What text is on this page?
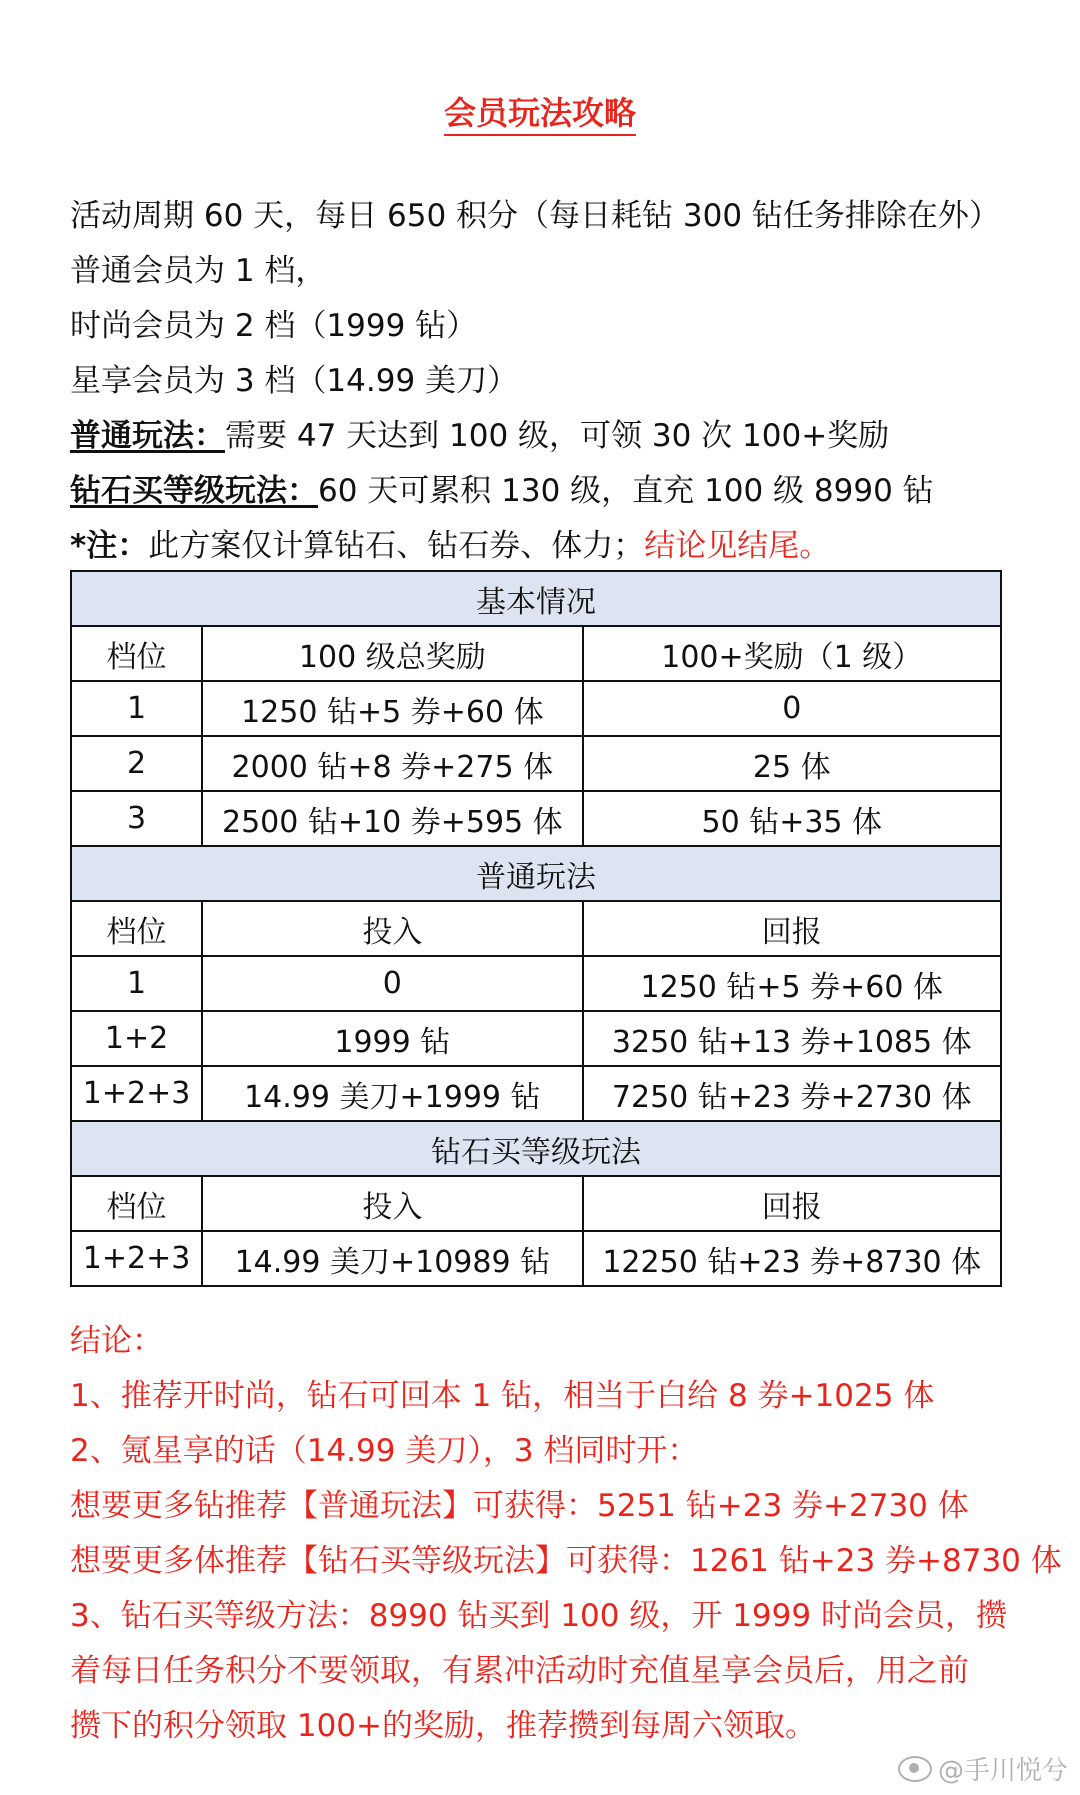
会员玩法攻略
活动周期 60 天，每日 650 积分（每日耗钻 300 钻任务排除在外）
普通会员为 1 档，
时尚会员为 2 档（1999 钻）
星享会员为 3 档（14.99 美刀）
普通玩法：需要 47 天达到 100 级，可领 30 次 100+奖励
钻石买等级玩法：60 天可累积 130 级，直充 100 级 8990 钻
*注：此方案仅计算钻石、钻石券、体力；结论见结尾。
基本情况		
档位	100 级总奖励	100+奖励（1 级）
1	1250 钻+5 券+60 体	0
2	2000 钻+8 券+275 体	25 体
3	2500 钻+10 券+595 体	50 钻+35 体
普通玩法		
档位	投入	回报
1	0	1250 钻+5 券+60 体
1+2	1999 钻	3250 钻+13 券+1085 体
1+2+3	14.99 美刀+1999 钻	7250 钻+23 券+2730 体
钻石买等级玩法		
档位	投入	回报
1+2+3	14.99 美刀+10989 钻	12250 钻+23 券+8730 体
结论：
1、推荐开时尚，钻石可回本 1 钻，相当于白给 8 券+1025 体
2、氪星享的话（14.99 美刀），3 档同时开：
想要更多钻推荐【普通玩法】可获得：5251 钻+23 券+2730 体
想要更多体推荐【钻石买等级玩法】可获得：1261 钻+23 券+8730 体
3、钻石买等级方法：8990 钻买到 100 级，开 1999 时尚会员，攒
着每日任务积分不要领取，有累冲活动时充值星享会员后，用之前
攒下的积分领取 100+的奖励，推荐攒到每周六领取。
@手川悦兮
